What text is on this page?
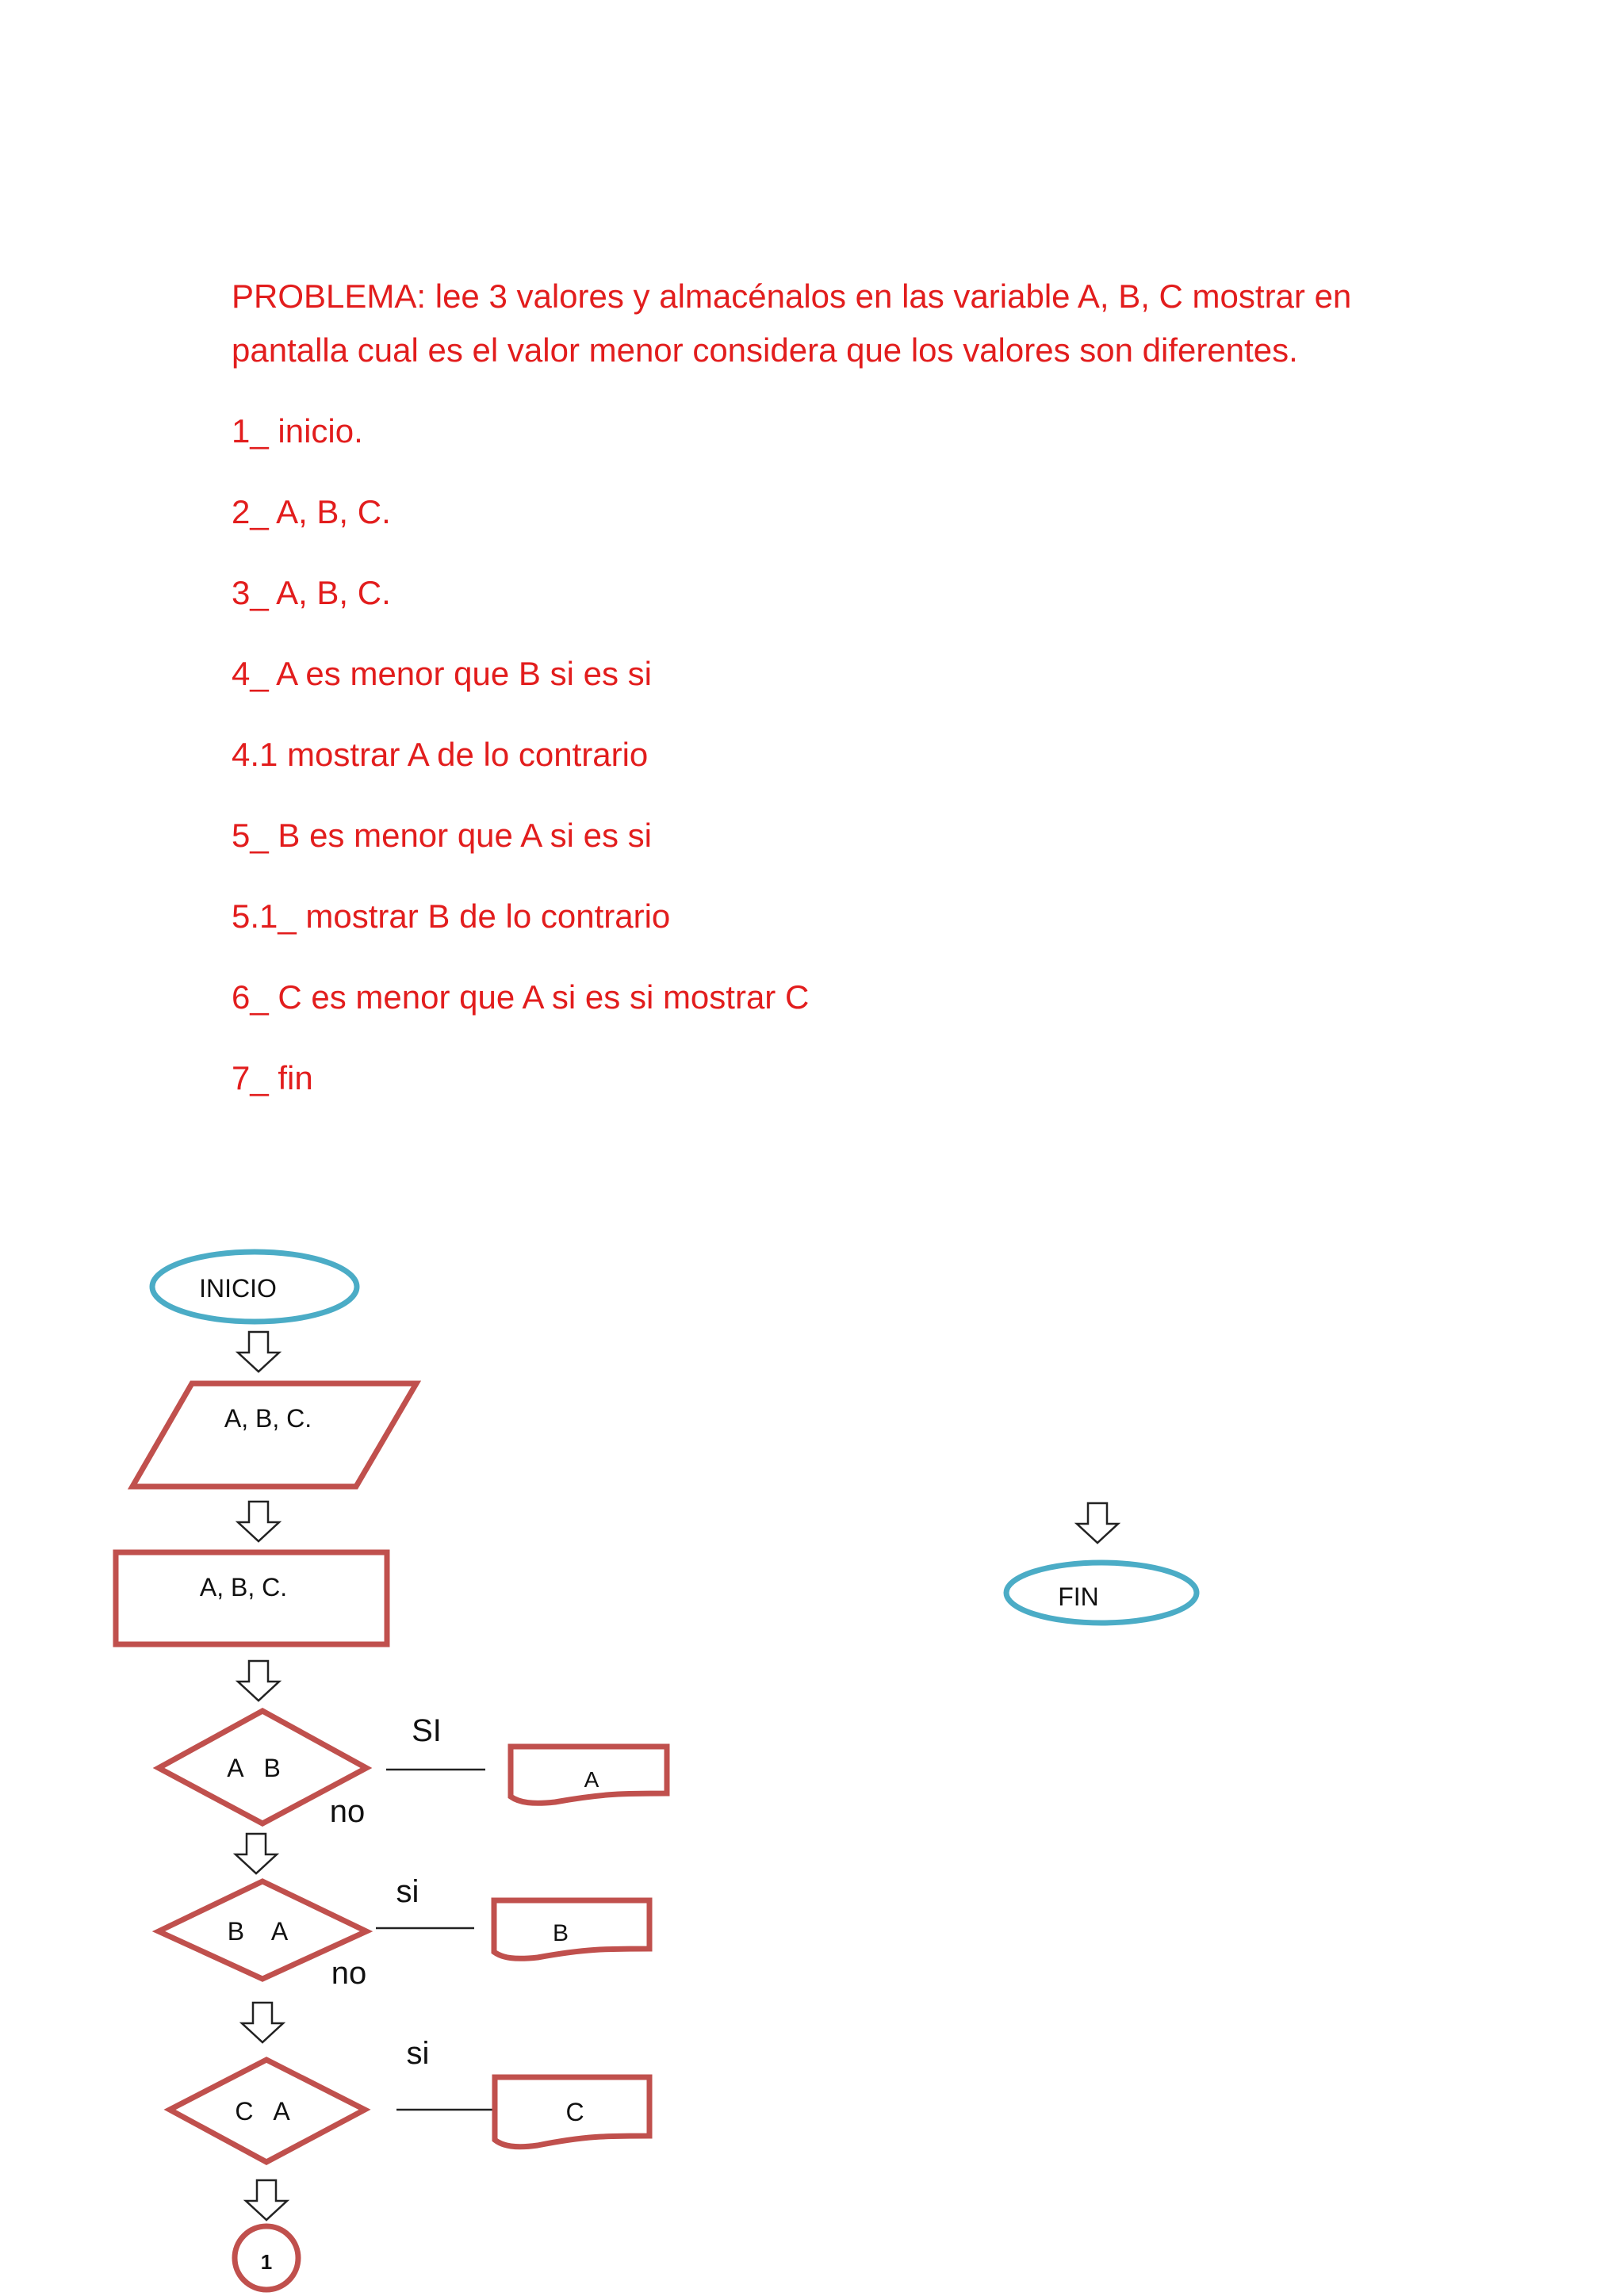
PROBLEMA: lee 3 valores y almacénalos en las variable A, B, C mostrar en pantalla cual es el valor menor considera que los valores son diferentes.

1_ inicio.

2_ A, B, C.

3_ A, B, C.

4_ A es menor que B si es si

4.1 mostrar A de lo contrario

5_ B es menor que A si es si

5.1_ mostrar B de lo contrario

6_ C es menor que A si es si mostrar C

7_ fin

INICIO
A, B, C.
A, B, C.
A   B
SI
no
A
B    A
si
no
B
C   A
si
C
1
FIN
